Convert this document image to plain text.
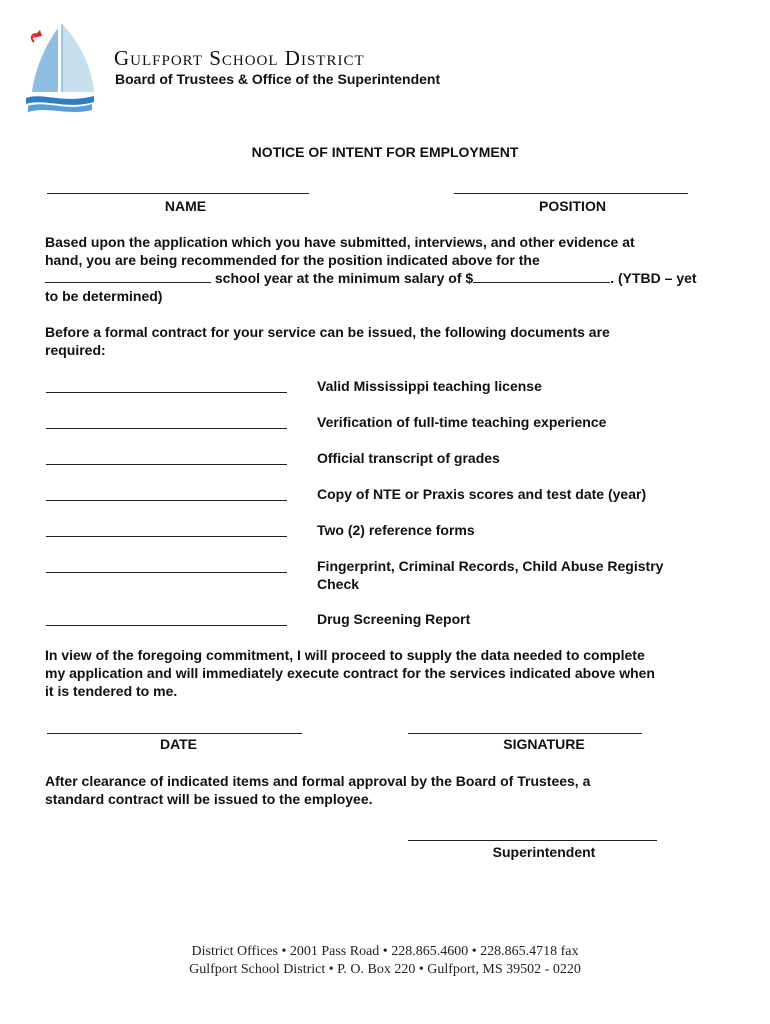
Gulfport School District
Board of Trustees & Office of the Superintendent
NOTICE OF INTENT FOR EMPLOYMENT
NAME	POSITION
Based upon the application which you have submitted, interviews, and other evidence at
hand, you are being recommended for the position indicated above for the
school year at the minimum salary of $	. (YTBD – yet
to be determined)
Before a formal contract for your service can be issued, the following documents are
required:
Valid Mississippi teaching license
Verification of full-time teaching experience
Official transcript of grades
Copy of NTE or Praxis scores and test date (year)
Two (2) reference forms
Fingerprint, Criminal Records, Child Abuse Registry
Check
Drug Screening Report
In view of the foregoing commitment, I will proceed to supply the data needed to complete
my application and will immediately execute contract for the services indicated above when
it is tendered to me.
DATE	SIGNATURE
After clearance of indicated items and formal approval by the Board of Trustees, a
standard contract will be issued to the employee.
Superintendent
District Offices • 2001 Pass Road • 228.865.4600 • 228.865.4718 fax
Gulfport School District • P. O. Box 220 • Gulfport, MS 39502 - 0220
